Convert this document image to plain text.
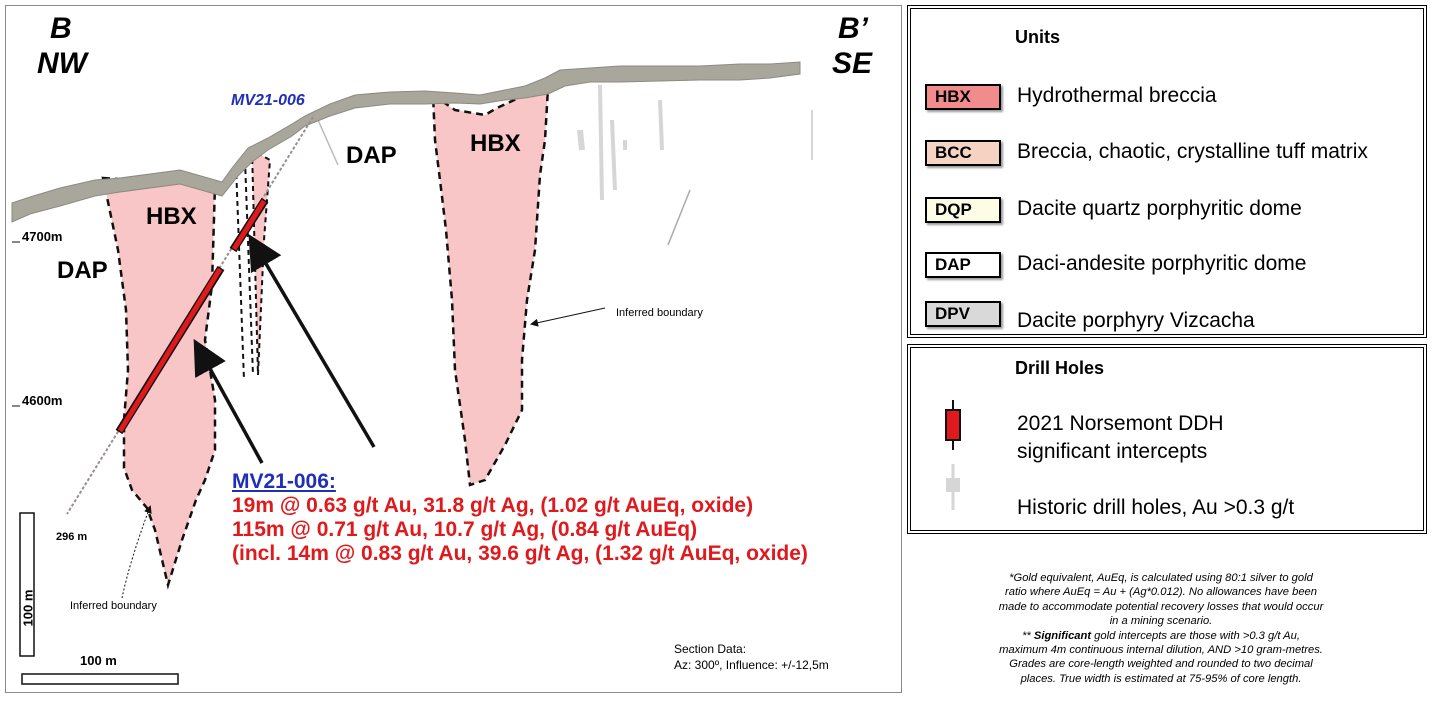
B
NW
B’
SE
MV21-006
DAP
DAP
HBX
HBX
4700m
4600m
296 m
Inferred boundary
Inferred boundary
100 m
100 m
Section Data:
Az: 300º, Influence: +/-12,5m
MV21-006:
19m @ 0.63 g/t Au, 31.8 g/t Ag, (1.02 g/t AuEq, oxide)
115m @ 0.71 g/t Au, 10.7 g/t Ag, (0.84 g/t AuEq)
(incl. 14m @ 0.83 g/t Au, 39.6 g/t Ag, (1.32 g/t AuEq, oxide)
Units
HBX	Hydrothermal breccia
BCC	Breccia, chaotic, crystalline tuff matrix
DQP	Dacite quartz porphyritic dome
DAP	Daci-andesite porphyritic dome
DPV	Dacite porphyry Vizcacha
Drill Holes
2021 Norsemont DDH
significant intercepts
Historic drill holes, Au >0.3 g/t
*Gold equivalent, AuEq, is calculated using 80:1 silver to gold
ratio where AuEq = Au + (Ag*0.012). No allowances have been
made to accommodate potential recovery losses that would occur
in a mining scenario.
** Significant gold intercepts are those with >0.3 g/t Au,
maximum 4m continuous internal dilution, AND >10 gram-metres.
Grades are core-length weighted and rounded to two decimal
places. True width is estimated at 75-95% of core length.
